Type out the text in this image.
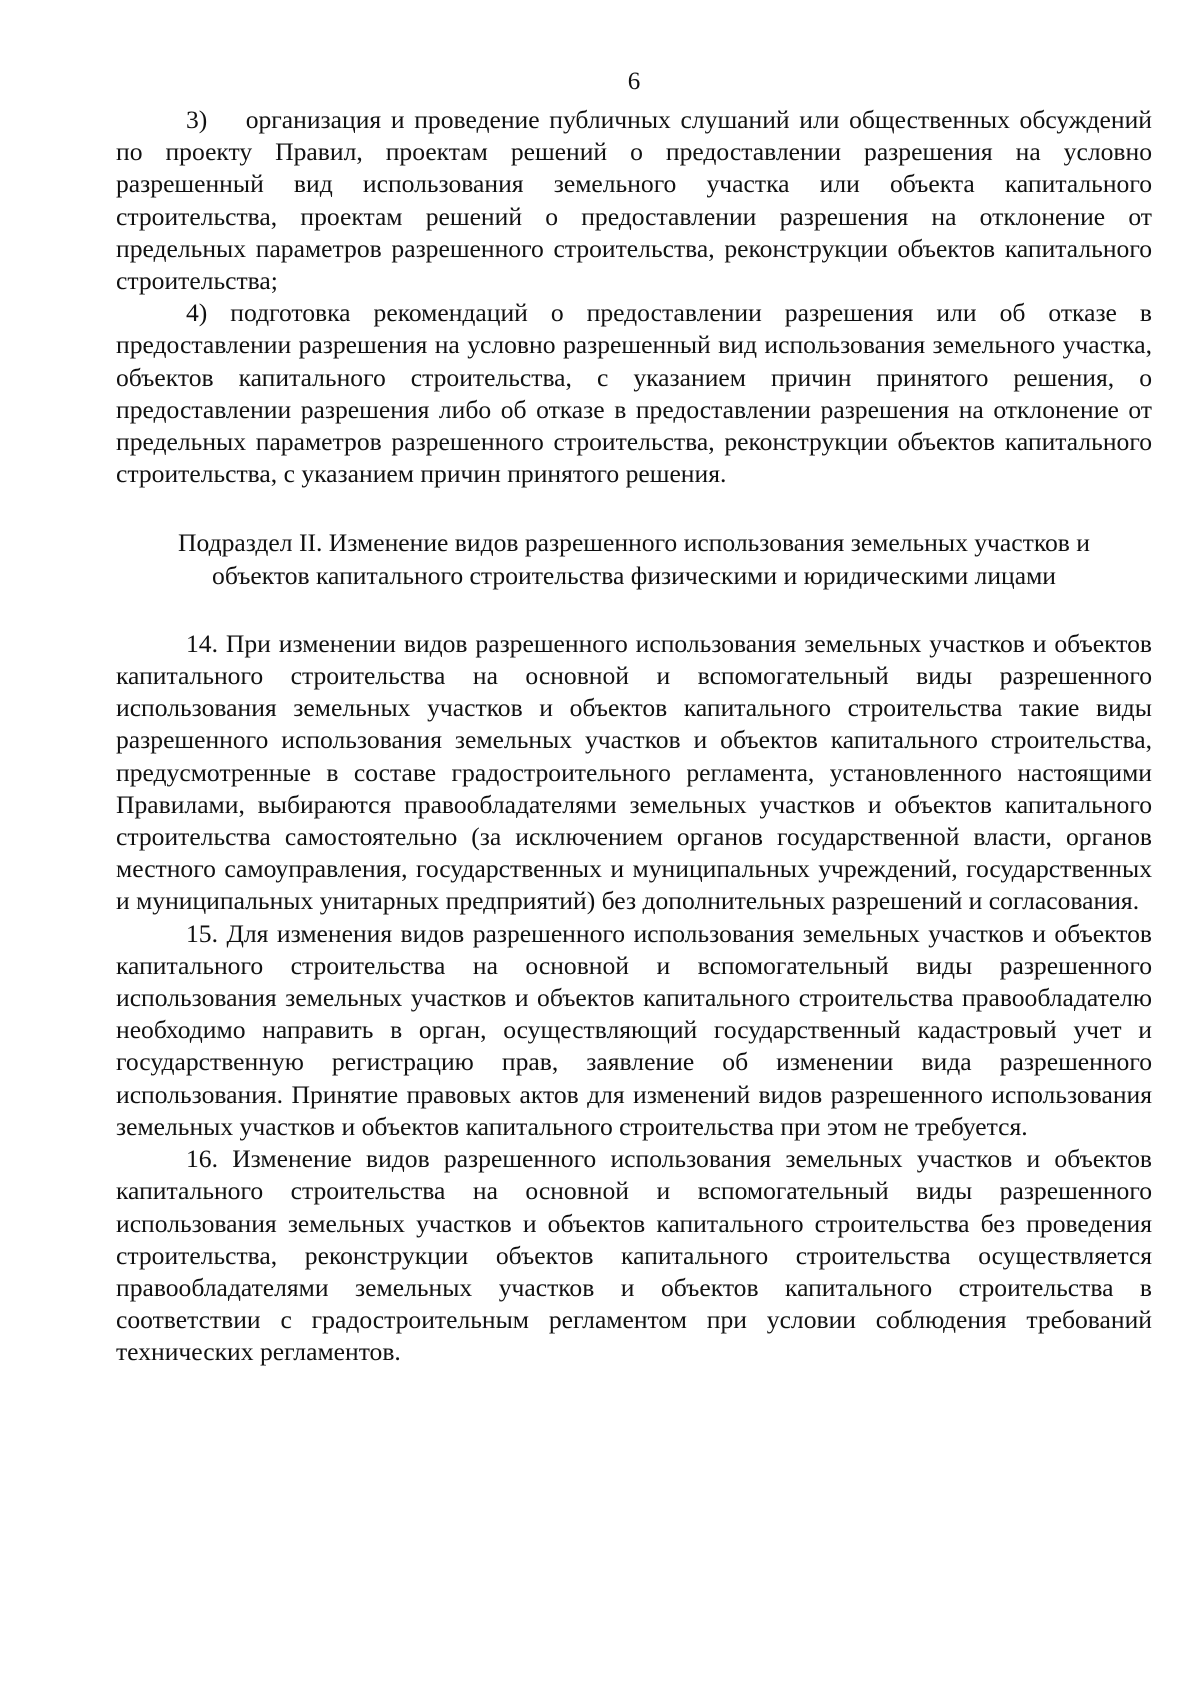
6

3)  организация и проведение публичных слушаний или общественных обсуждений по проекту Правил, проектам решений о предоставлении разрешения на условно разрешенный вид использования земельного участка или объекта капитального строительства, проектам решений о предоставлении разрешения на отклонение от предельных параметров разрешенного строительства, реконструкции объектов капитального строительства;

4) подготовка рекомендаций о предоставлении разрешения или об отказе в предоставлении разрешения на условно разрешенный вид использования земельного участка, объектов капитального строительства, с указанием причин принятого решения, о предоставлении разрешения либо об отказе в предоставлении разрешения на отклонение от предельных параметров разрешенного строительства, реконструкции объектов капитального строительства, с указанием причин принятого решения.

Подраздел II. Изменение видов разрешенного использования земельных участков и объектов капитального строительства физическими и юридическими лицами

14. При изменении видов разрешенного использования земельных участков и объектов капитального строительства на основной и вспомогательный виды разрешенного использования земельных участков и объектов капитального строительства такие виды разрешенного использования земельных участков и объектов капитального строительства, предусмотренные в составе градостроительного регламента, установленного настоящими Правилами, выбираются правообладателями земельных участков и объектов капитального строительства самостоятельно (за исключением органов государственной власти, органов местного самоуправления, государственных и муниципальных учреждений, государственных и муниципальных унитарных предприятий) без дополнительных разрешений и согласования.

15. Для изменения видов разрешенного использования земельных участков и объектов капитального строительства на основной и вспомогательный виды разрешенного использования земельных участков и объектов капитального строительства правообладателю необходимо направить в орган, осуществляющий государственный кадастровый учет и государственную регистрацию прав, заявление об изменении вида разрешенного использования. Принятие правовых актов для изменений видов разрешенного использования земельных участков и объектов капитального строительства при этом не требуется.

16. Изменение видов разрешенного использования земельных участков и объектов капитального строительства на основной и вспомогательный виды разрешенного использования земельных участков и объектов капитального строительства без проведения строительства, реконструкции объектов капитального строительства осуществляется правообладателями земельных участков и объектов капитального строительства в соответствии с градостроительным регламентом при условии соблюдения требований технических регламентов.
